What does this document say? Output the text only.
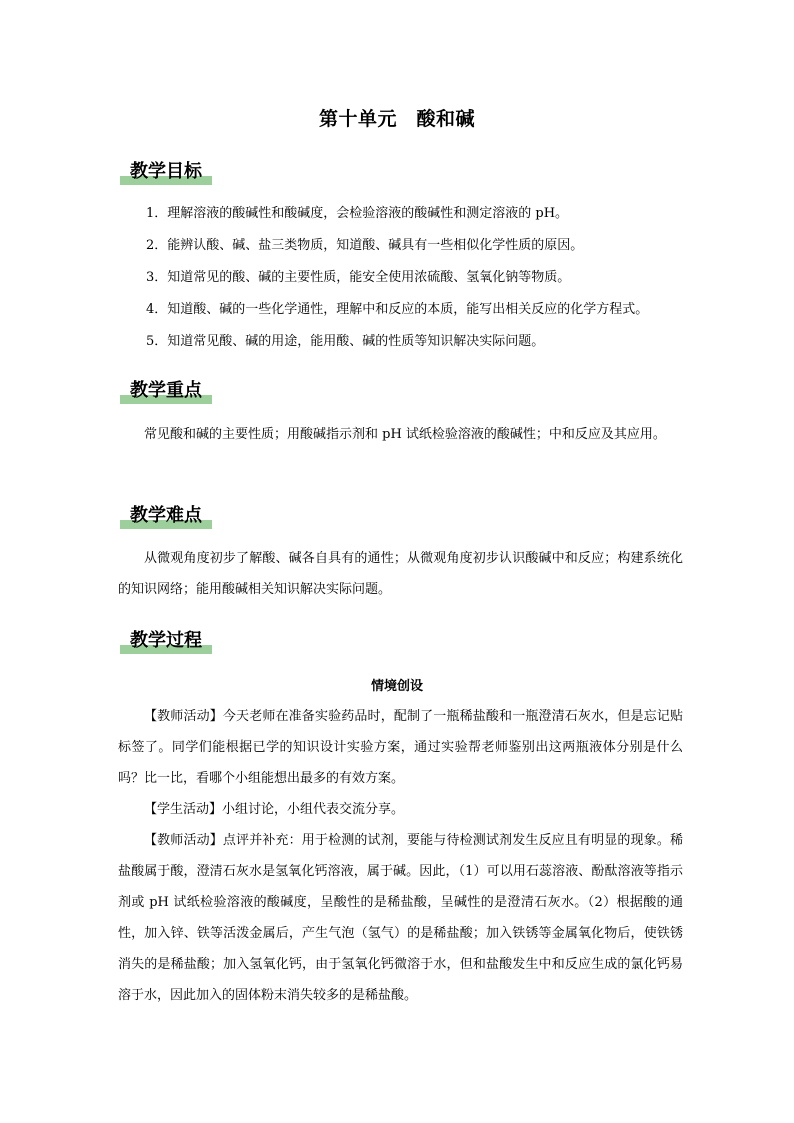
第十单元　酸和碱
教学目标
1．理解溶液的酸碱性和酸碱度，会检验溶液的酸碱性和测定溶液的 pH。
2．能辨认酸、碱、盐三类物质，知道酸、碱具有一些相似化学性质的原因。
3．知道常见的酸、碱的主要性质，能安全使用浓硫酸、氢氧化钠等物质。
4．知道酸、碱的一些化学通性，理解中和反应的本质，能写出相关反应的化学方程式。
5．知道常见酸、碱的用途，能用酸、碱的性质等知识解决实际问题。
教学重点
常见酸和碱的主要性质；用酸碱指示剂和 pH 试纸检验溶液的酸碱性；中和反应及其应用。
教学难点
从微观角度初步了解酸、碱各自具有的通性；从微观角度初步认识酸碱中和反应；构建系统化的知识网络；能用酸碱相关知识解决实际问题。
教学过程
情境创设
【教师活动】今天老师在准备实验药品时，配制了一瓶稀盐酸和一瓶澄清石灰水，但是忘记贴标签了。同学们能根据已学的知识设计实验方案，通过实验帮老师鉴别出这两瓶液体分别是什么吗？比一比，看哪个小组能想出最多的有效方案。
【学生活动】小组讨论，小组代表交流分享。
【教师活动】点评并补充：用于检测的试剂，要能与待检测试剂发生反应且有明显的现象。稀盐酸属于酸，澄清石灰水是氢氧化钙溶液，属于碱。因此，（1）可以用石蕊溶液、酚酞溶液等指示剂或 pH 试纸检验溶液的酸碱度，呈酸性的是稀盐酸，呈碱性的是澄清石灰水。（2）根据酸的通性，加入锌、铁等活泼金属后，产生气泡（氢气）的是稀盐酸；加入铁锈等金属氧化物后，使铁锈消失的是稀盐酸；加入氢氧化钙，由于氢氧化钙微溶于水，但和盐酸发生中和反应生成的氯化钙易溶于水，因此加入的固体粉末消失较多的是稀盐酸。
